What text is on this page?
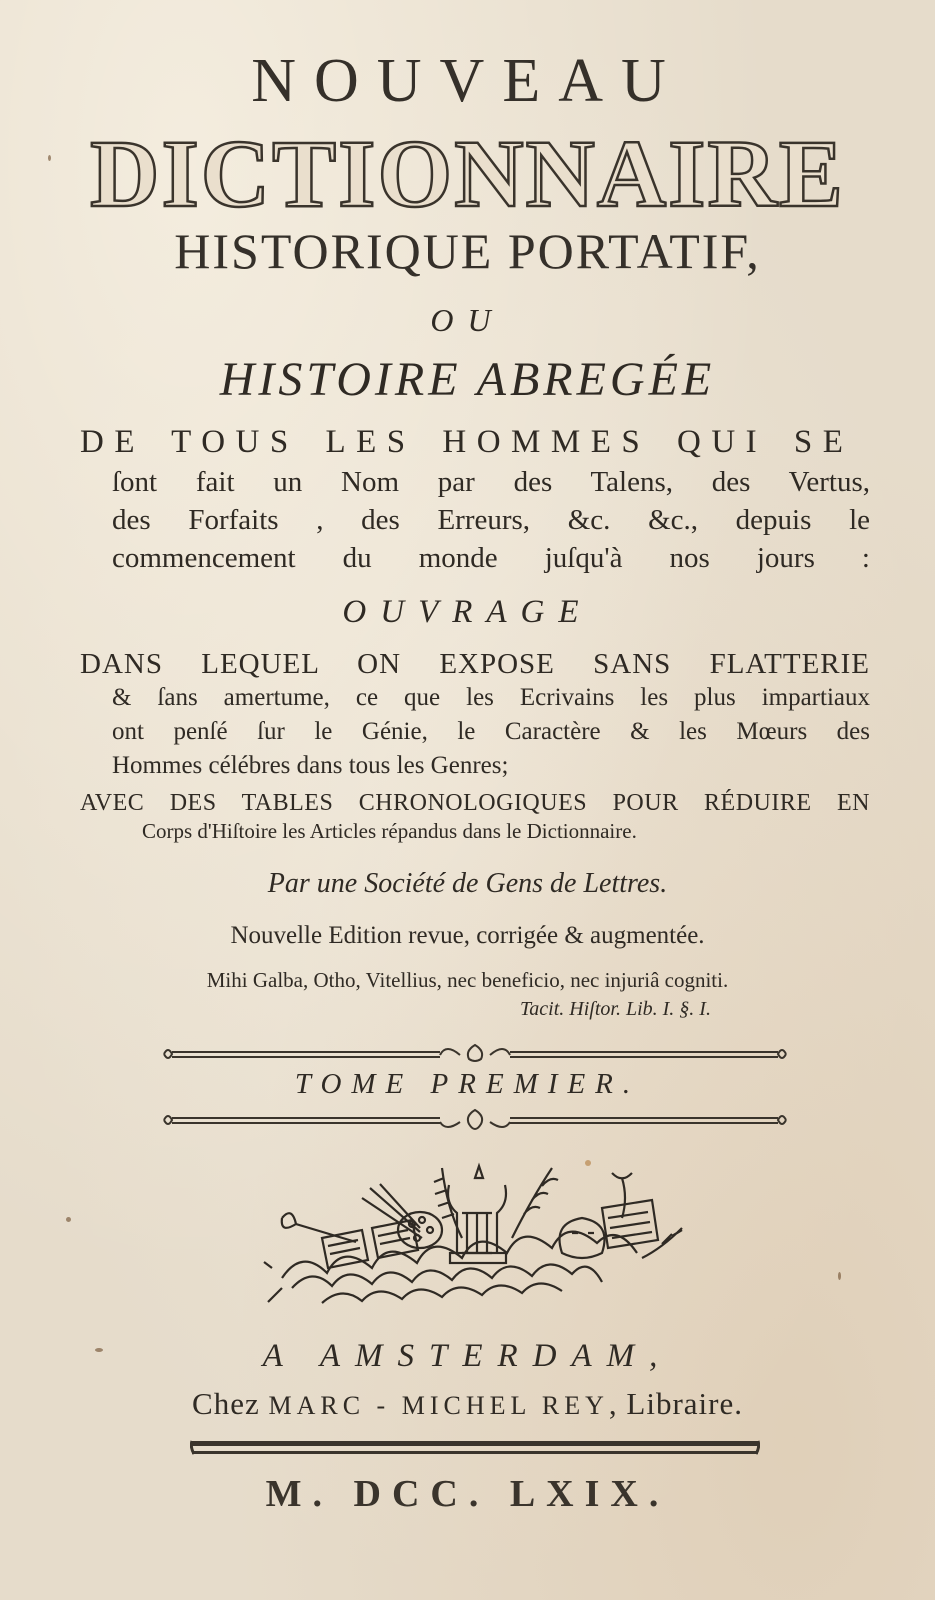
NOUVEAU
DICTIONNAIRE
HISTORIQUE PORTATIF,
OU
HISTOIRE ABREGÉE
DE TOUS LES HOMMES QUI SE
ſont fait un Nom par des Talens, des Vertus,
des Forfaits , des Erreurs, &c. &c., depuis le
commencement du monde juſqu'à nos jours :
OUVRAGE
DANS LEQUEL ON EXPOSE SANS FLATTERIE
& ſans amertume, ce que les Ecrivains les plus impartiaux
ont penſé ſur le Génie, le Caractère & les Mœurs des
Hommes célébres dans tous les Genres;
AVEC DES TABLES CHRONOLOGIQUES POUR RÉDUIRE EN
Corps d'Hiſtoire les Articles répandus dans le Dictionnaire.
Par une Société de Gens de Lettres.
Nouvelle Edition revue, corrigée & augmentée.
Mihi Galba, Otho, Vitellius, nec beneficio, nec injuriâ cogniti.
Tacit. Hiſtor. Lib. I. §. I.
TOME PREMIER.
A AMSTERDAM,
Chez MARC - MICHEL REY, Libraire.
M. DCC. LXIX.
